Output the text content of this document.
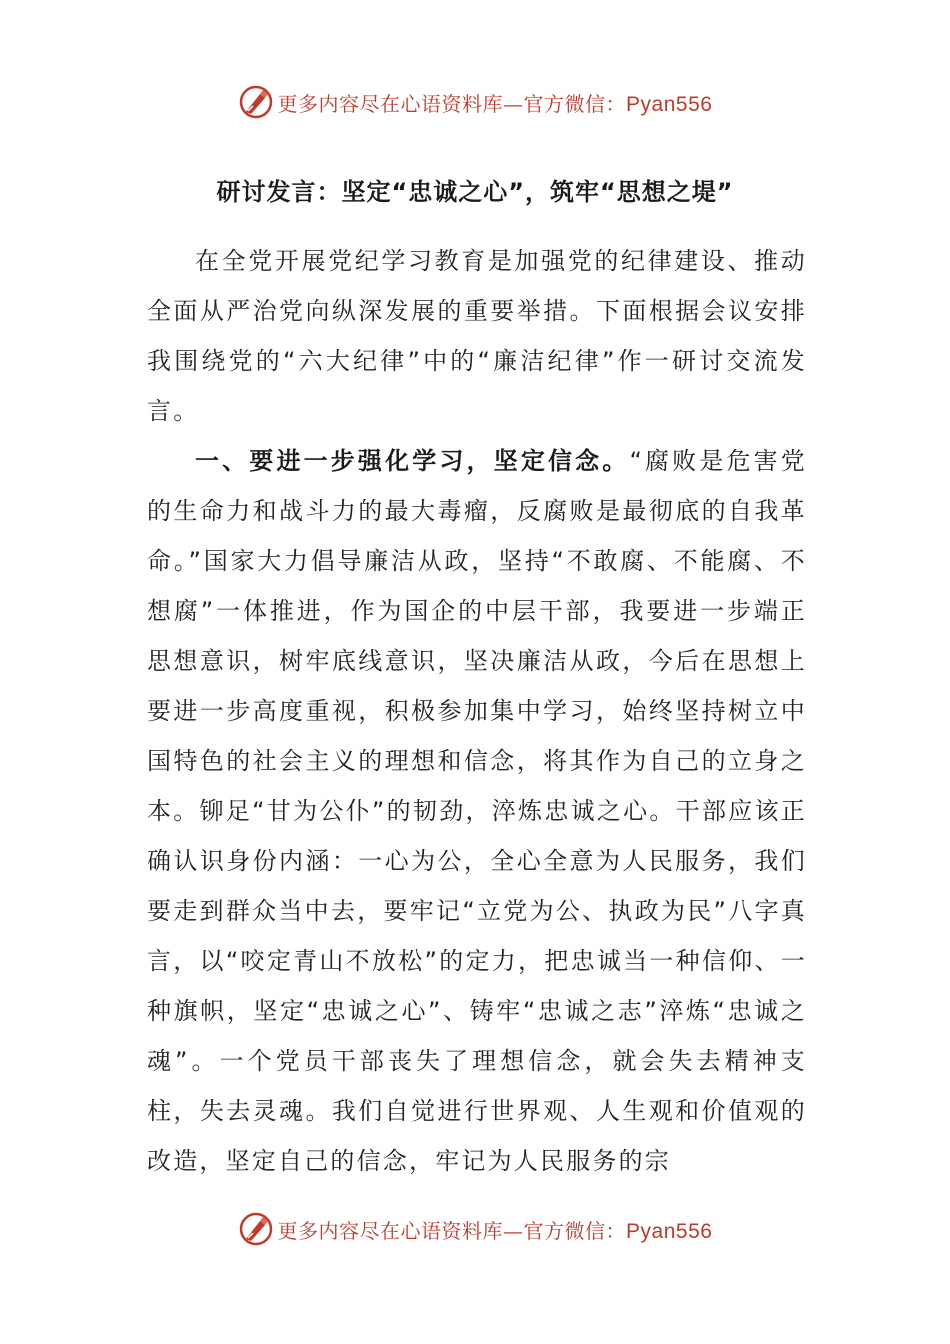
更多内容尽在心语资料库—官方微信：Pyan556
研讨发言：坚定“忠诚之心”，筑牢“思想之堤”

在全党开展党纪学习教育是加强党的纪律建设、推动全面从严治党向纵深发展的重要举措。下面根据会议安排我围绕党的“六大纪律”中的“廉洁纪律”作一研讨交流发言。

一、要进一步强化学习，坚定信念。“腐败是危害党的生命力和战斗力的最大毒瘤，反腐败是最彻底的自我革命。”国家大力倡导廉洁从政，坚持“不敢腐、不能腐、不想腐”一体推进，作为国企的中层干部，我要进一步端正思想意识，树牢底线意识，坚决廉洁从政，今后在思想上要进一步高度重视，积极参加集中学习，始终坚持树立中国特色的社会主义的理想和信念，将其作为自己的立身之本。铆足“甘为公仆”的韧劲，淬炼忠诚之心。干部应该正确认识身份内涵：一心为公，全心全意为人民服务，我们要走到群众当中去，要牢记“立党为公、执政为民”八字真言，以“咬定青山不放松”的定力，把忠诚当一种信仰、一种旗帜，坚定“忠诚之心”、铸牢“忠诚之志”淬炼“忠诚之魂”。一个党员干部丧失了理想信念，就会失去精神支柱，失去灵魂。我们自觉进行世界观、人生观和价值观的改造，坚定自己的信念，牢记为人民服务的宗

更多内容尽在心语资料库—官方微信：Pyan556
